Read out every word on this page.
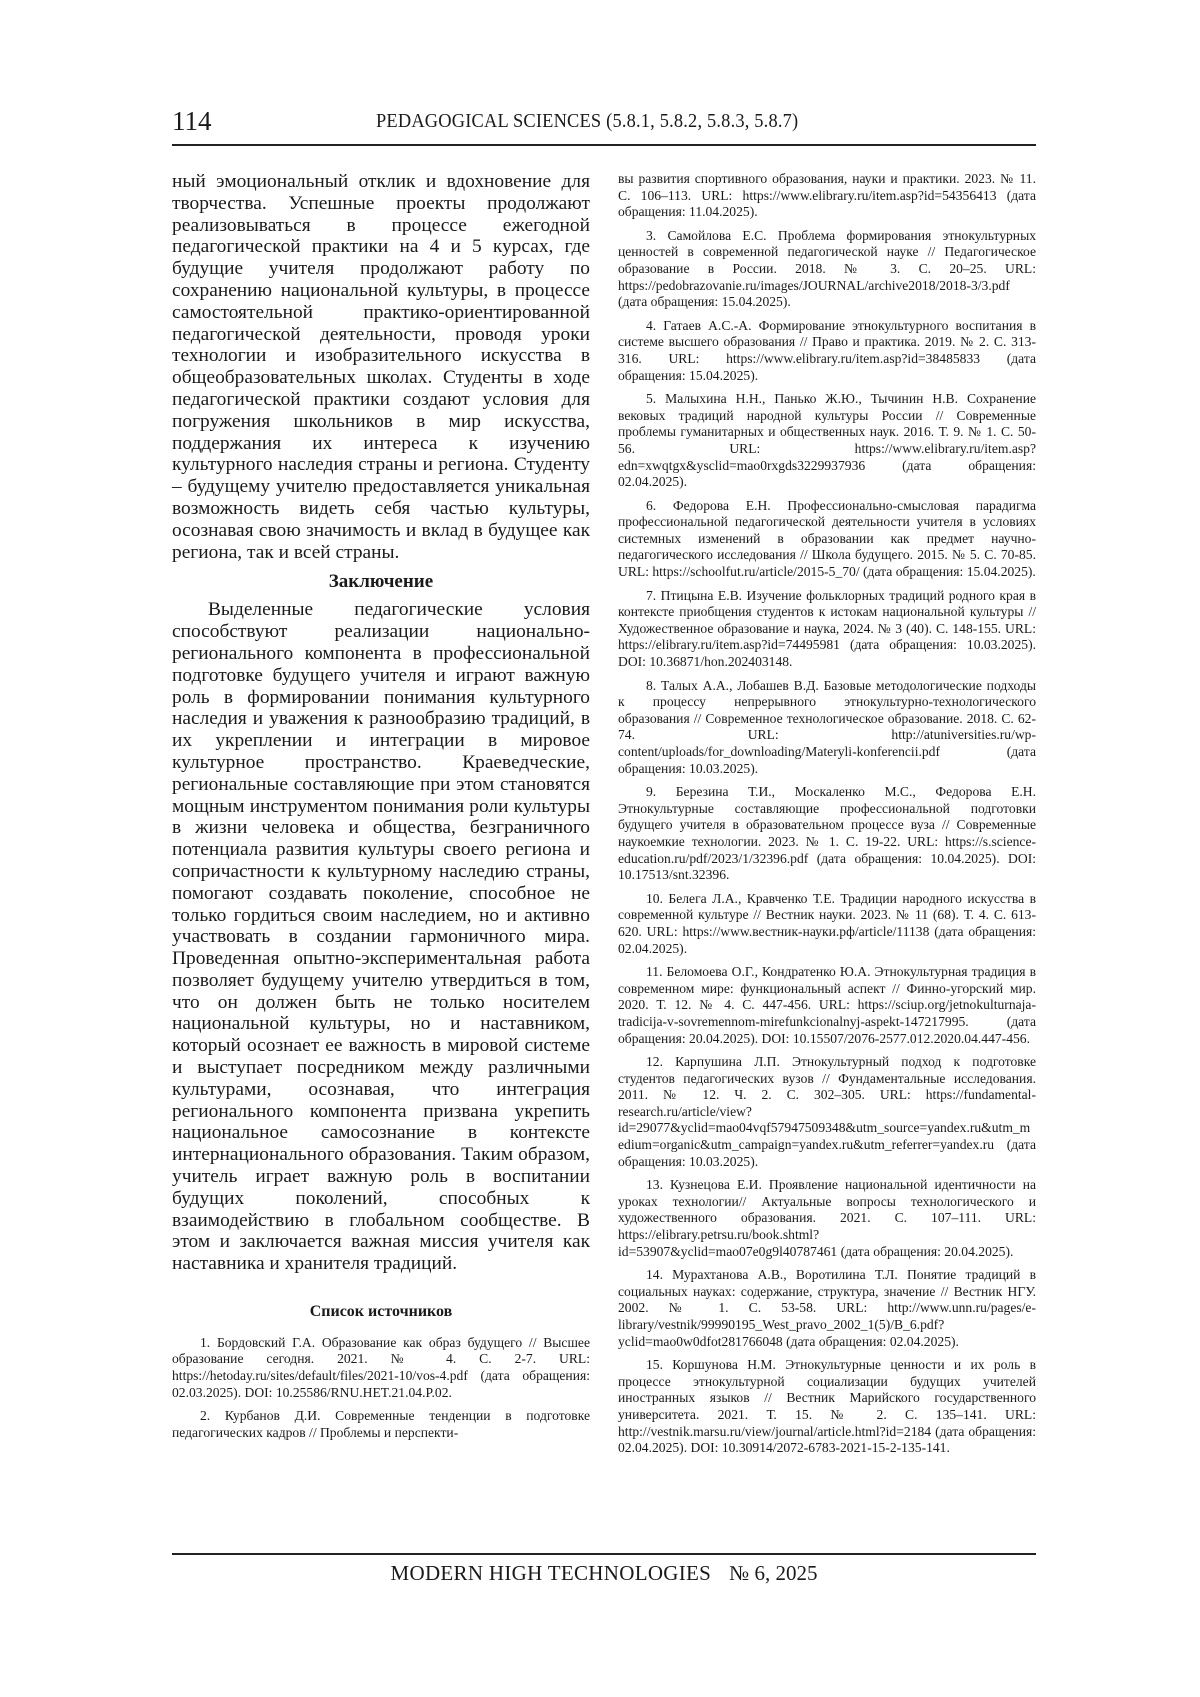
114	PEDAGOGICAL SCIENCES (5.8.1, 5.8.2, 5.8.3, 5.8.7)

ный эмоциональный отклик и вдохновение для творчества. Успешные проекты продолжают реализовываться в процессе ежегодной педагогической практики на 4 и 5 курсах, где будущие учителя продолжают работу по сохранению национальной культуры, в процессе самостоятельной практико-ориентированной педагогической деятельности, проводя уроки технологии и изобразительного искусства в общеобразовательных школах. Студенты в ходе педагогической практики создают условия для погружения школьников в мир искусства, поддержания их интереса к изучению культурного наследия страны и региона. Студенту – будущему учителю предоставляется уникальная возможность видеть себя частью культуры, осознавая свою значимость и вклад в будущее как региона, так и всей страны.

Заключение

Выделенные педагогические условия способствуют реализации национально-регионального компонента в профессиональной подготовке будущего учителя и играют важную роль в формировании понимания культурного наследия и уважения к разнообразию традиций, в их укреплении и интеграции в мировое культурное пространство. Краеведческие, региональные составляющие при этом становятся мощным инструментом понимания роли культуры в жизни человека и общества, безграничного потенциала развития культуры своего региона и сопричастности к культурному наследию страны, помогают создавать поколение, способное не только гордиться своим наследием, но и активно участвовать в создании гармоничного мира. Проведенная опытно-экспериментальная работа позволяет будущему учителю утвердиться в том, что он должен быть не только носителем национальной культуры, но и наставником, который осознает ее важность в мировой системе и выступает посредником между различными культурами, осознавая, что интеграция регионального компонента призвана укрепить национальное самосознание в контексте интернационального образования. Таким образом, учитель играет важную роль в воспитании будущих поколений, способных к взаимодействию в глобальном сообществе. В этом и заключается важная миссия учителя как наставника и хранителя традиций.

Список источников
1. Бордовский Г.А. Образование как образ будущего // Высшее образование сегодня. 2021. № 4. С. 2-7. URL: https://hetoday.ru/sites/default/files/2021-10/vos-4.pdf (дата обращения: 02.03.2025). DOI: 10.25586/RNU.HET.21.04.P.02.
2. Курбанов Д.И. Современные тенденции в подготовке педагогических кадров // Проблемы и перспекти-
вы развития спортивного образования, науки и практики. 2023. № 11. С. 106–113. URL: https://www.elibrary.ru/item.asp?id=54356413 (дата обращения: 11.04.2025).
3. Самойлова Е.С. Проблема формирования этнокультурных ценностей в современной педагогической науке // Педагогическое образование в России. 2018. № 3. С. 20–25. URL: https://pedobrazovanie.ru/images/JOURNAL/archive2018/2018-3/3.pdf (дата обращения: 15.04.2025).
4. Гатаев А.С.-А. Формирование этнокультурного воспитания в системе высшего образования // Право и практика. 2019. № 2. С. 313-316. URL: https://www.elibrary.ru/item.asp?id=38485833 (дата обращения: 15.04.2025).
5. Малыхина Н.Н., Панько Ж.Ю., Тычинин Н.В. Сохранение вековых традиций народной культуры России // Современные проблемы гуманитарных и общественных наук. 2016. Т. 9. № 1. С. 50-56. URL: https://www.elibrary.ru/item.asp?edn=xwqtgx&ysclid=mao0rxgds3229937936 (дата обращения: 02.04.2025).
6. Федорова Е.Н. Профессионально-смысловая парадигма профессиональной педагогической деятельности учителя в условиях системных изменений в образовании как предмет научно-педагогического исследования // Школа будущего. 2015. № 5. С. 70-85. URL: https://schoolfut.ru/article/2015-5_70/ (дата обращения: 15.04.2025).
7. Птицына Е.В. Изучение фольклорных традиций родного края в контексте приобщения студентов к истокам национальной культуры // Художественное образование и наука, 2024. № 3 (40). С. 148-155. URL: https://elibrary.ru/item.asp?id=74495981 (дата обращения: 10.03.2025). DOI: 10.36871/hon.202403148.
8. Талых А.А., Лобашев В.Д. Базовые методологические подходы к процессу непрерывного этнокультурно-технологического образования // Современное технологическое образование. 2018. С. 62-74. URL: http://atuniversities.ru/wp-content/uploads/for_downloading/Materyli-konferencii.pdf (дата обращения: 10.03.2025).
9. Березина Т.И., Москаленко М.С., Федорова Е.Н. Этнокультурные составляющие профессиональной подготовки будущего учителя в образовательном процессе вуза // Современные наукоемкие технологии. 2023. № 1. С. 19-22. URL: https://s.science-education.ru/pdf/2023/1/32396.pdf (дата обращения: 10.04.2025). DOI: 10.17513/snt.32396.
10. Белега Л.А., Кравченко Т.Е. Традиции народного искусства в современной культуре // Вестник науки. 2023. № 11 (68). Т. 4. С. 613-620. URL: https://www.вестник-науки.рф/article/11138 (дата обращения: 02.04.2025).
11. Беломоева О.Г., Кондратенко Ю.А. Этнокультурная традиция в современном мире: функциональный аспект // Финно-угорский мир. 2020. Т. 12. № 4. С. 447-456. URL: https://sciup.org/jetnokulturnaja-tradicija-v-sovremennom-mirefunkcionalnyj-aspekt-147217995. (дата обращения: 20.04.2025). DOI: 10.15507/2076-2577.012.2020.04.447-456.
12. Карпушина Л.П. Этнокультурный подход к подготовке студентов педагогических вузов // Фундаментальные исследования. 2011. № 12. Ч. 2. С. 302–305. URL: https://fundamental-research.ru/article/view?id=29077&yclid=mao04vqf57947509348&utm_source=yandex.ru&utm_medium=organic&utm_campaign=yandex.ru&utm_referrer=yandex.ru (дата обращения: 10.03.2025).
13. Кузнецова Е.И. Проявление национальной идентичности на уроках технологии// Актуальные вопросы технологического и художественного образования. 2021. С. 107–111. URL: https://elibrary.petrsu.ru/book.shtml?id=53907&yclid=mao07e0g9l40787461 (дата обращения: 20.04.2025).
14. Мурахтанова А.В., Воротилина Т.Л. Понятие традиций в социальных науках: содержание, структура, значение // Вестник НГУ. 2002. № 1. С. 53-58. URL: http://www.unn.ru/pages/e-library/vestnik/99990195_West_pravo_2002_1(5)/B_6.pdf?yclid=mao0w0dfot281766048 (дата обращения: 02.04.2025).
15. Коршунова Н.М. Этнокультурные ценности и их роль в процессе этнокультурной социализации будущих учителей иностранных языков // Вестник Марийского государственного университета. 2021. Т. 15. № 2. С. 135–141. URL: http://vestnik.marsu.ru/view/journal/article.html?id=2184 (дата обращения: 02.04.2025). DOI: 10.30914/2072-6783-2021-15-2-135-141.
MODERN HIGH TECHNOLOGIES № 6, 2025
